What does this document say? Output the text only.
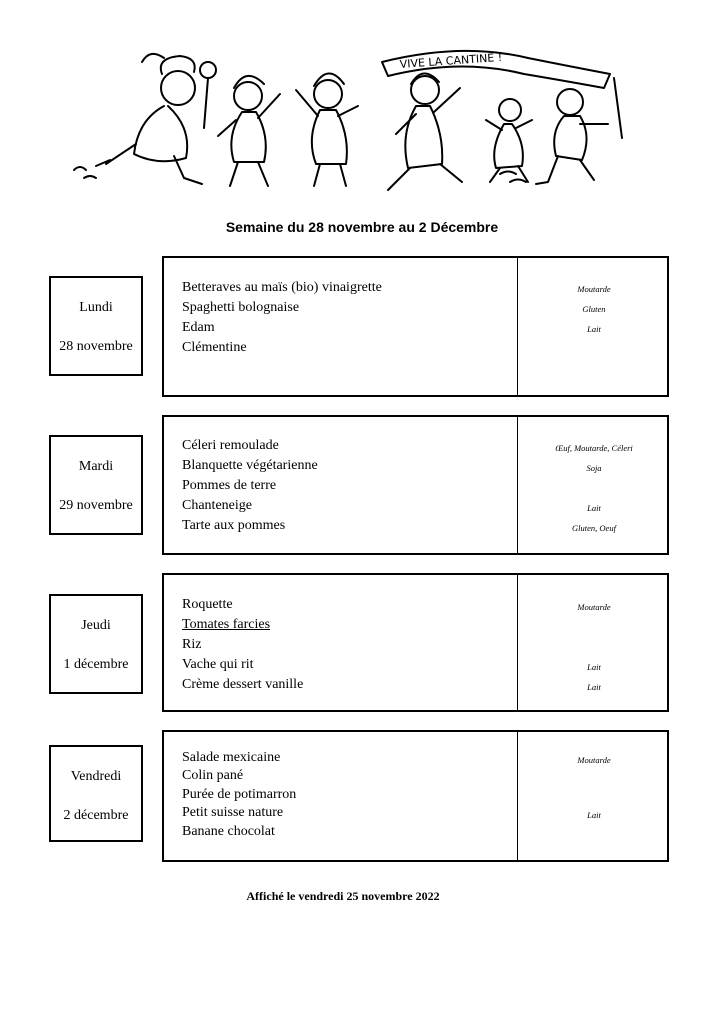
VIVE LA CANTINE !
Semaine du 28 novembre au 2 Décembre
Lundi
28 novembre
Betteraves au maïs (bio) vinaigrette
Spaghetti bolognaise
Edam
Clémentine
Moutarde
Gluten
Lait
Mardi
29 novembre
Céleri remoulade
Blanquette végétarienne
Pommes de terre
Chanteneige
Tarte aux pommes
Œuf, Moutarde, Céleri
Soja
Lait
Gluten, Oeuf
Jeudi
1 décembre
Roquette
Tomates farcies
Riz
Vache qui rit
Crème dessert vanille
Moutarde
Lait
Lait
Vendredi
2 décembre
Salade mexicaine
Colin pané
Purée de potimarron
Petit suisse nature
Banane chocolat
Moutarde
Lait
Affiché le vendredi 25 novembre 2022
